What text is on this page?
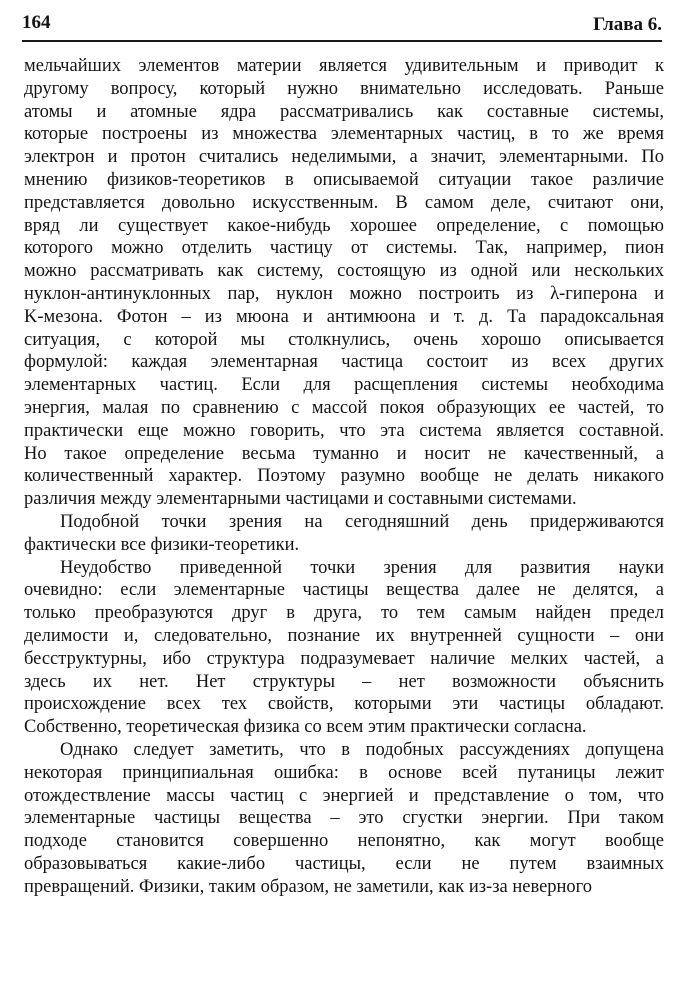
164	Глава 6.

мельчайших элементов материи является удивительным и приводит к
другому вопросу, который нужно внимательно исследовать. Раньше
атомы и атомные ядра рассматривались как составные системы,
которые построены из множества элементарных частиц, в то же время
электрон и протон считались неделимыми, а значит, элементарными. По
мнению физиков-теоретиков в описываемой ситуации такое различие
представляется довольно искусственным. В самом деле, считают они,
вряд ли существует какое-нибудь хорошее определение, с помощью
которого можно отделить частицу от системы. Так, например, пион
можно рассматривать как систему, состоящую из одной или нескольких
нуклон-антинуклонных пар, нуклон можно построить из λ-гиперона и
K-мезона. Фотон – из мюона и антимюона и т. д. Та парадоксальная
ситуация, с которой мы столкнулись, очень хорошо описывается
формулой: каждая элементарная частица состоит из всех других
элементарных частиц. Если для расщепления системы необходима
энергия, малая по сравнению с массой покоя образующих ее частей, то
практически еще можно говорить, что эта система является составной.
Но такое определение весьма туманно и носит не качественный, а
количественный характер. Поэтому разумно вообще не делать никакого
различия между элементарными частицами и составными системами.

Подобной точки зрения на сегодняшний день придерживаются
фактически все физики-теоретики.

Неудобство приведенной точки зрения для развития науки
очевидно: если элементарные частицы вещества далее не делятся, а
только преобразуются друг в друга, то тем самым найден предел
делимости и, следовательно, познание их внутренней сущности – они
бесструктурны, ибо структура подразумевает наличие мелких частей, а
здесь их нет. Нет структуры – нет возможности объяснить
происхождение всех тех свойств, которыми эти частицы обладают.
Собственно, теоретическая физика со всем этим практически согласна.

Однако следует заметить, что в подобных рассуждениях допущена
некоторая принципиальная ошибка: в основе всей путаницы лежит
отождествление массы частиц с энергией и представление о том, что
элементарные частицы вещества – это сгустки энергии. При таком
подходе становится совершенно непонятно, как могут вообще
образовываться какие-либо частицы, если не путем взаимных
превращений. Физики, таким образом, не заметили, как из-за неверного
